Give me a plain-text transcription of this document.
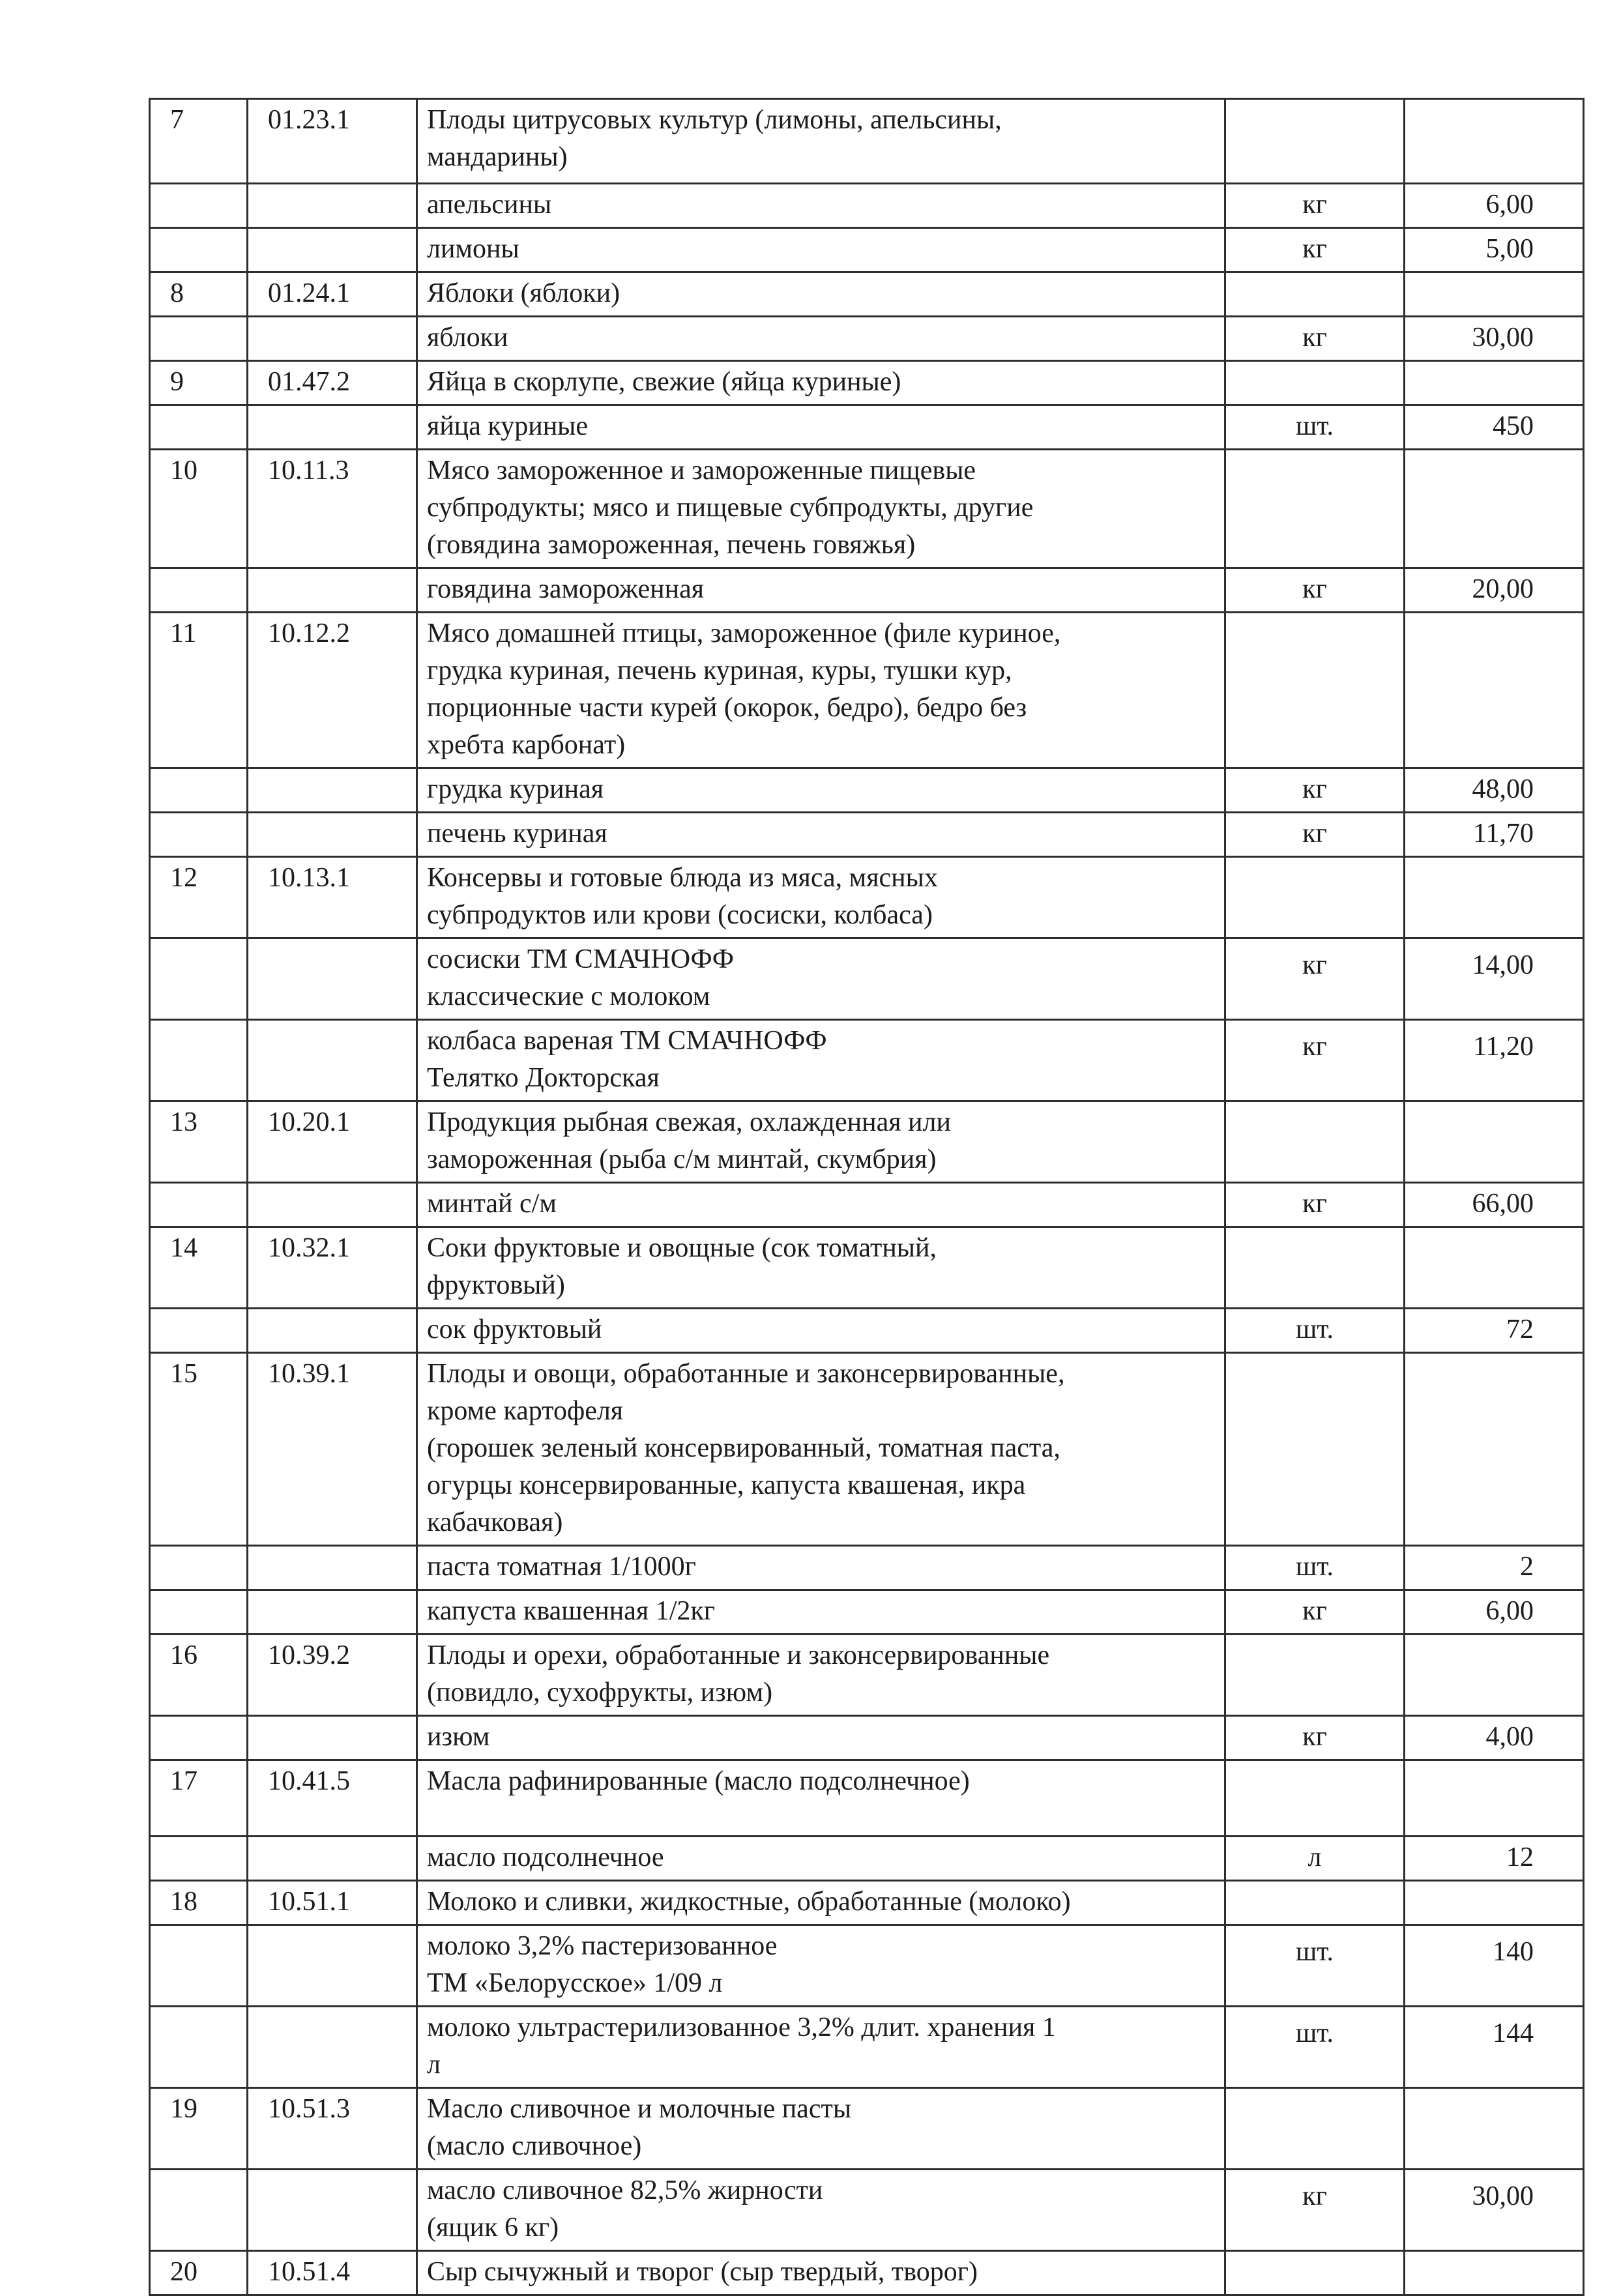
7	01.23.1	Плоды цитрусовых культур (лимоны, апельсины,
мандарины)		
		апельсины	кг	6,00
		лимоны	кг	5,00
8	01.24.1	Яблоки (яблоки)		
		яблоки	кг	30,00
9	01.47.2	Яйца в скорлупе, свежие (яйца куриные)		
		яйца куриные	шт.	450
10	10.11.3	Мясо замороженное и замороженные пищевые
субпродукты; мясо и пищевые субпродукты, другие
(говядина замороженная, печень говяжья)		
		говядина замороженная	кг	20,00
11	10.12.2	Мясо домашней птицы, замороженное (филе куриное,
грудка куриная, печень куриная, куры, тушки кур,
порционные части курей (окорок, бедро), бедро без
хребта карбонат)		
		грудка куриная	кг	48,00
		печень куриная	кг	11,70
12	10.13.1	Консервы и готовые блюда из мяса, мясных
субпродуктов или крови (сосиски, колбаса)		
		сосиски ТМ СМАЧНОФФ
классические с молоком	кг	14,00
		колбаса вареная ТМ СМАЧНОФФ
Телятко Докторская	кг	11,20
13	10.20.1	Продукция рыбная свежая, охлажденная или
замороженная (рыба с/м минтай, скумбрия)		
		минтай с/м	кг	66,00
14	10.32.1	Соки фруктовые и овощные (сок томатный,
фруктовый)		
		сок фруктовый	шт.	72
15	10.39.1	Плоды и овощи, обработанные и законсервированные,
кроме картофеля
(горошек зеленый консервированный, томатная паста,
огурцы консервированные, капуста квашеная, икра
кабачковая)		
		паста томатная 1/1000г	шт.	2
		капуста квашенная 1/2кг	кг	6,00
16	10.39.2	Плоды и орехи, обработанные и законсервированные
(повидло, сухофрукты, изюм)		
		изюм	кг	4,00
17	10.41.5	Масла рафинированные (масло подсолнечное)		
		масло подсолнечное	л	12
18	10.51.1	Молоко и сливки, жидкостные, обработанные (молоко)		
		молоко 3,2% пастеризованное
ТМ «Белорусское» 1/09 л	шт.	140
		молоко ультрастерилизованное 3,2% длит. хранения 1
л	шт.	144
19	10.51.3	Масло сливочное и молочные пасты
(масло сливочное)		
		масло сливочное 82,5% жирности
(ящик 6 кг)	кг	30,00
20	10.51.4	Сыр сычужный и творог (сыр твердый, творог)		
